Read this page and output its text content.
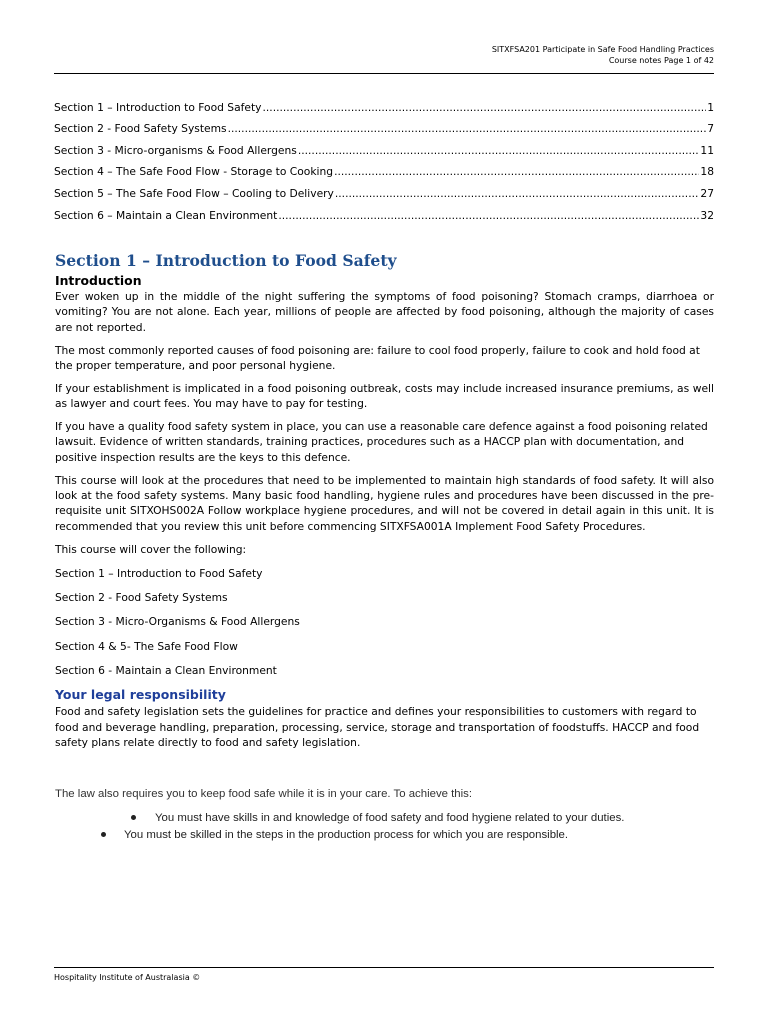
SITXFSA201 Participate in Safe Food Handling Practices
Course notes Page 1 of 42
Section 1 – Introduction to Food Safety .....	1
Section 2 - Food Safety Systems .....	7
Section 3 - Micro-organisms & Food Allergens .....	11
Section 4 – The Safe Food Flow - Storage to Cooking .....	18
Section 5 – The Safe Food Flow – Cooling to Delivery .....	27
Section 6 – Maintain a Clean Environment .....	32
Section 1 – Introduction to Food Safety
Introduction

Ever woken up in the middle of the night suffering the symptoms of food poisoning? Stomach cramps, diarrhoea or vomiting? You are not alone. Each year, millions of people are affected by food poisoning, although the majority of cases are not reported.

The most commonly reported causes of food poisoning are: failure to cool food properly, failure to cook and hold food at the proper temperature, and poor personal hygiene.

If your establishment is implicated in a food poisoning outbreak, costs may include increased insurance premiums, as well as lawyer and court fees. You may have to pay for testing.

If you have a quality food safety system in place, you can use a reasonable care defence against a food poisoning related lawsuit. Evidence of written standards, training practices, procedures such as a HACCP plan with documentation, and positive inspection results are the keys to this defence.

This course will look at the procedures that need to be implemented to maintain high standards of food safety. It will also look at the food safety systems. Many basic food handling, hygiene rules and procedures have been discussed in the pre- requisite unit SITXOHS002A Follow workplace hygiene procedures, and will not be covered in detail again in this unit. It is recommended that you review this unit before commencing SITXFSA001A Implement Food Safety Procedures.

This course will cover the following:
Section 1 – Introduction to Food Safety
Section 2 - Food Safety Systems
Section 3 - Micro-Organisms & Food Allergens
Section 4 & 5- The Safe Food Flow
Section 6 - Maintain a Clean Environment
Your legal responsibility

Food and safety legislation sets the guidelines for practice and defines your responsibilities to customers with regard to food and beverage handling, preparation, processing, service, storage and transportation of foodstuffs. HACCP and food safety plans relate directly to food and safety legislation.

The law also requires you to keep food safe while it is in your care. To achieve this:
You must have skills in and knowledge of food safety and food hygiene related to your duties.
You must be skilled in the steps in the production process for which you are responsible.
Hospitality Institute of Australasia ©
